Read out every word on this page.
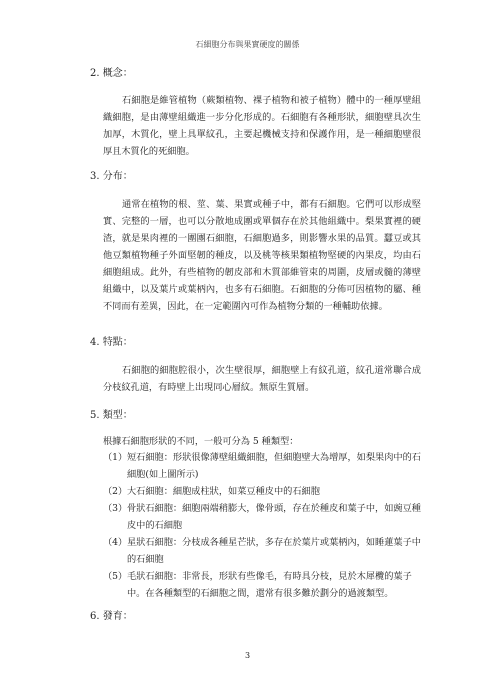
石細胞分布與果實硬度的關係
2. 概念：

石細胞是維管植物（蕨類植物、裸子植物和被子植物）體中的一種厚壁組織細胞，是由薄壁組織進一步分化形成的。石細胞有各種形狀，細胞壁具次生加厚，木質化，壁上具單紋孔，主要起機械支持和保護作用，是一種細胞壁很厚且木質化的死細胞。

3. 分布：

通常在植物的根、莖、葉、果實或種子中，都有石細胞。它們可以形成堅實、完整的一層，也可以分散地成團或單個存在於其他組織中。梨果實裡的硬渣，就是果肉裡的一團團石細胞，石細胞過多，則影響水果的品質。蠶豆或其他豆類植物種子外面堅韌的種皮，以及桃等核果類植物堅硬的內果皮，均由石細胞組成。此外，有些植物的韌皮部和木質部維管束的周圍，皮層或髓的薄壁組織中，以及葉片或葉柄內，也多有石細胞。石細胞的分佈可因植物的屬、種不同而有差異，因此，在一定範圍內可作為植物分類的一種輔助依據。

4. 特點：

石細胞的細胞腔很小，次生壁很厚，細胞壁上有紋孔道，紋孔道常聯合成分枝紋孔道，有時壁上出現同心層紋。無原生質層。

5. 類型：
根據石細胞形狀的不同，一般可分為 5 種類型：
（1） 短石細胞：形狀很像薄壁組織細胞，但細胞壁大為增厚，如梨果肉中的石細胞(如上圖所示)
（2） 大石細胞：細胞成柱狀，如菜豆種皮中的石細胞
（3） 骨狀石細胞：細胞兩端稍膨大，像骨頭，存在於種皮和葉子中，如豌豆種皮中的石細胞
（4） 星狀石細胞：分枝成各種星芒狀，多存在於葉片或葉柄內，如睡蓮葉子中的石細胞
（5） 毛狀石細胞：非常長，形狀有些像毛，有時具分枝，見於木犀欖的葉子中。在各種類型的石細胞之間，還常有很多難於劃分的過渡類型。
6. 發育：
3
